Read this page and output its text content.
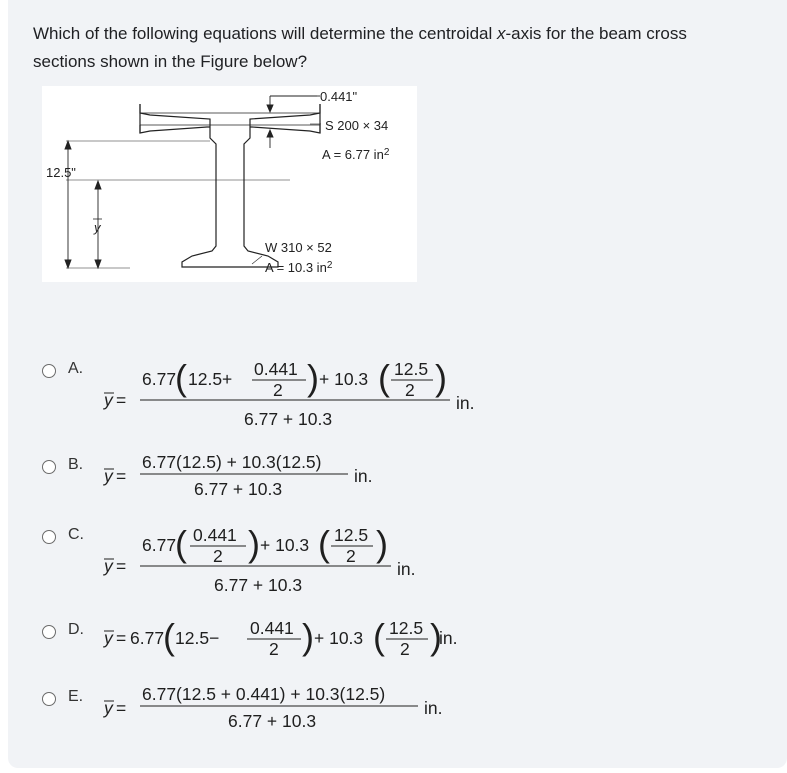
Which of the following equations will determine the centroidal x-axis for the beam cross sections shown in the Figure below?
0.441"
S 200 × 34
A = 6.77 $in^2$
12.5"
y
W 310 × 52
A = 10.3 $in^2$
A.
y =
6.77
( 12.5+ 0.441
2 ) + 10.3 ( 12.5
2 )
6.77 + 10.3
in.
B.
y =
6.77(12.5) + 10.3(12.5)
6.77 + 10.3
in.
C.
y =
6.77
( 0.441
2 ) + 10.3 ( 12.5
2 )
6.77 + 10.3
in.
D. y = 6.77
( 12.5− 0.441
2 ) + 10.3 ( 12.5
2 )
in.
E.
y =
6.77(12.5 + 0.441) + 10.3(12.5)
6.77 + 10.3
in.
